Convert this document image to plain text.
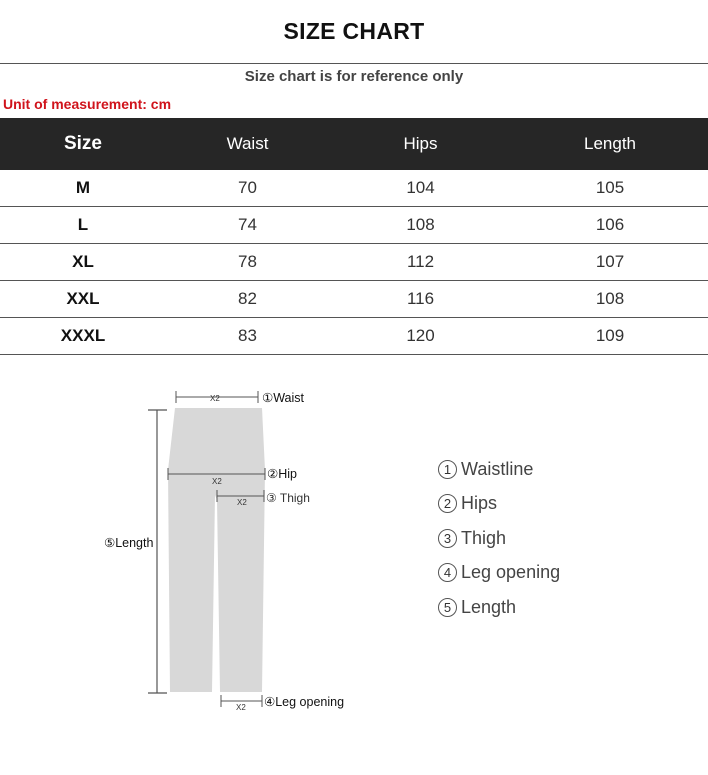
SIZE CHART
Size chart is for reference only
Unit of measurement: cm
Size	Waist	Hips	Length
M	70	104	105
L	74	108	106
XL	78	112	107
XXL	82	116	108
XXXL	83	120	109
X2	①Waist
X2
②Hip
X2 ③ Thigh
⑤Length
X2 ④Leg opening
1 Waistline
2 Hips
3 Thigh
4 Leg opening
5 Length
